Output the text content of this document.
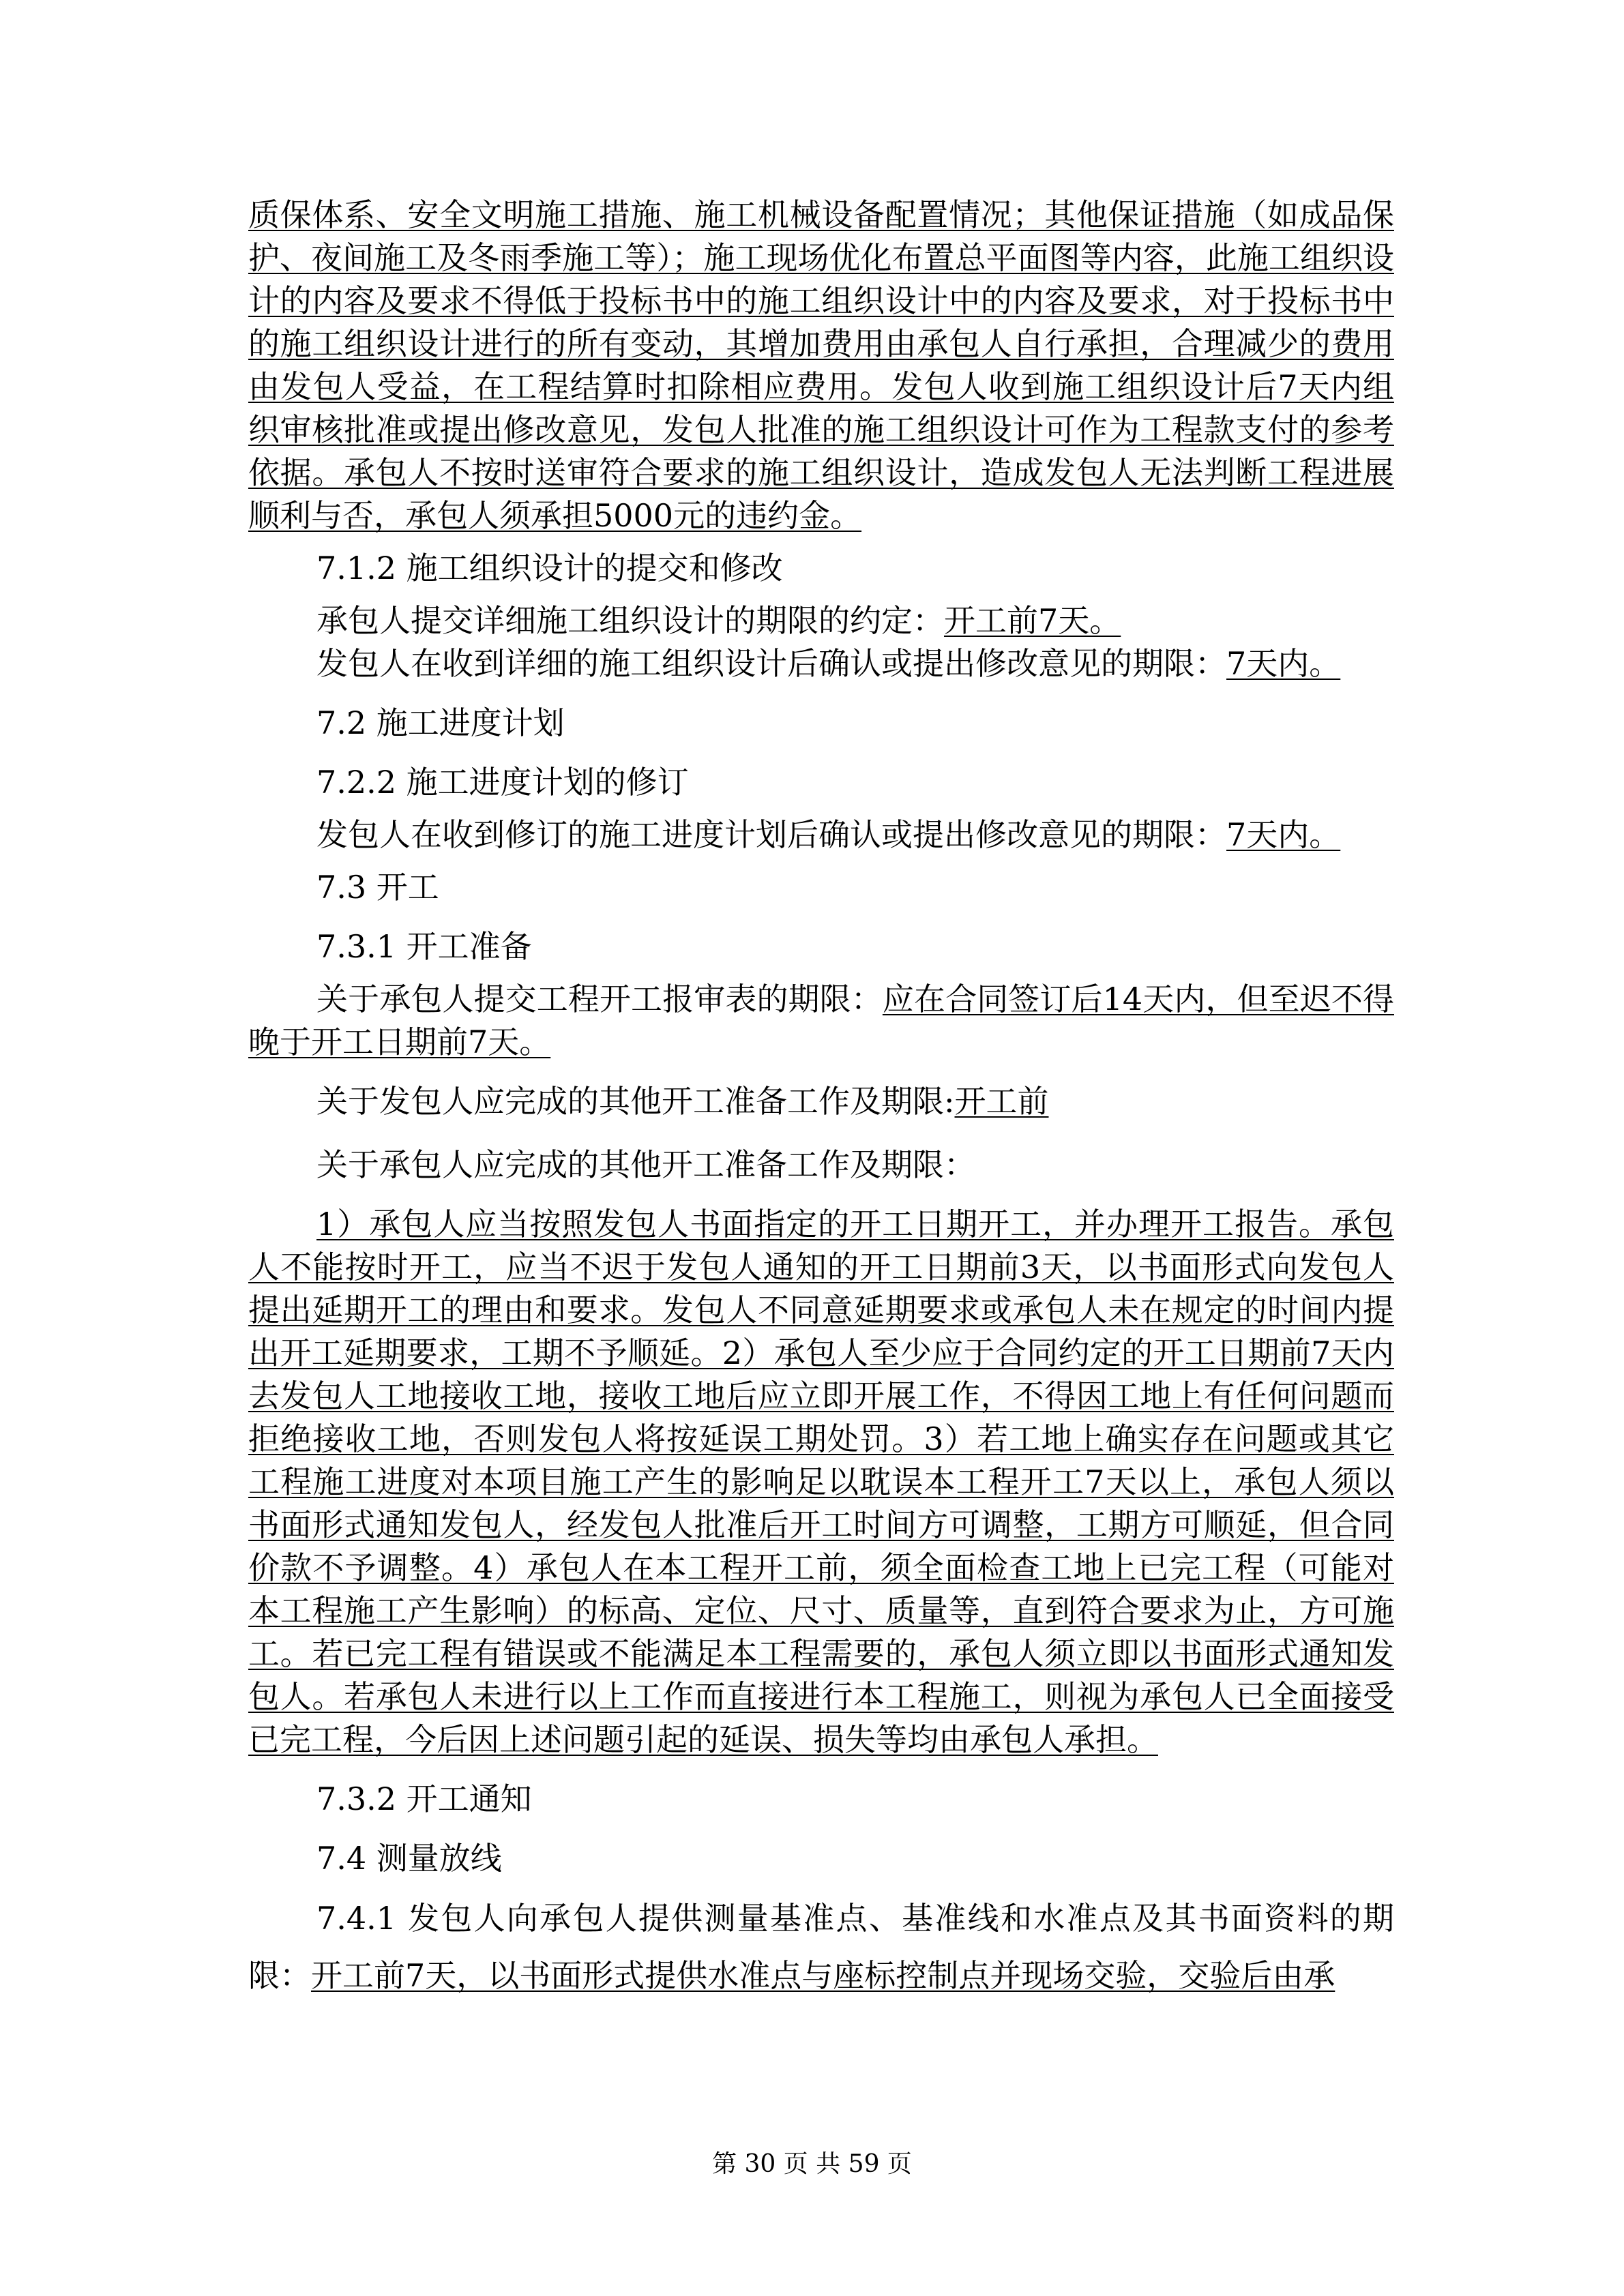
质保体系、安全文明施工措施、施工机械设备配置情况；其他保证措施（如成品保护、夜间施工及冬雨季施工等）；施工现场优化布置总平面图等内容，此施工组织设计的内容及要求不得低于投标书中的施工组织设计中的内容及要求，对于投标书中的施工组织设计进行的所有变动，其增加费用由承包人自行承担，合理减少的费用由发包人受益，在工程结算时扣除相应费用。发包人收到施工组织设计后7天内组织审核批准或提出修改意见，发包人批准的施工组织设计可作为工程款支付的参考依据。承包人不按时送审符合要求的施工组织设计，造成发包人无法判断工程进展顺利与否，承包人须承担5000元的违约金。

7.1.2 施工组织设计的提交和修改

承包人提交详细施工组织设计的期限的约定：开工前7天。

发包人在收到详细的施工组织设计后确认或提出修改意见的期限：7天内。

7.2 施工进度计划

7.2.2 施工进度计划的修订

发包人在收到修订的施工进度计划后确认或提出修改意见的期限：7天内。

7.3 开工

7.3.1 开工准备

关于承包人提交工程开工报审表的期限：应在合同签订后14天内，但至迟不得晚于开工日期前7天。

关于发包人应完成的其他开工准备工作及期限:开工前

关于承包人应完成的其他开工准备工作及期限：

1）承包人应当按照发包人书面指定的开工日期开工，并办理开工报告。承包人不能按时开工，应当不迟于发包人通知的开工日期前3天，以书面形式向发包人提出延期开工的理由和要求。发包人不同意延期要求或承包人未在规定的时间内提出开工延期要求，工期不予顺延。2）承包人至少应于合同约定的开工日期前7天内去发包人工地接收工地，接收工地后应立即开展工作，不得因工地上有任何问题而拒绝接收工地，否则发包人将按延误工期处罚。3）若工地上确实存在问题或其它工程施工进度对本项目施工产生的影响足以耽误本工程开工7天以上，承包人须以书面形式通知发包人，经发包人批准后开工时间方可调整，工期方可顺延，但合同价款不予调整。4）承包人在本工程开工前，须全面检查工地上已完工程（可能对本工程施工产生影响）的标高、定位、尺寸、质量等，直到符合要求为止，方可施工。若已完工程有错误或不能满足本工程需要的，承包人须立即以书面形式通知发包人。若承包人未进行以上工作而直接进行本工程施工，则视为承包人已全面接受已完工程，今后因上述问题引起的延误、损失等均由承包人承担。

7.3.2 开工通知

7.4 测量放线

7.4.1 发包人向承包人提供测量基准点、基准线和水准点及其书面资料的期限：开工前7天，以书面形式提供水准点与座标控制点并现场交验，交验后由承

第 30 页 共 59 页
